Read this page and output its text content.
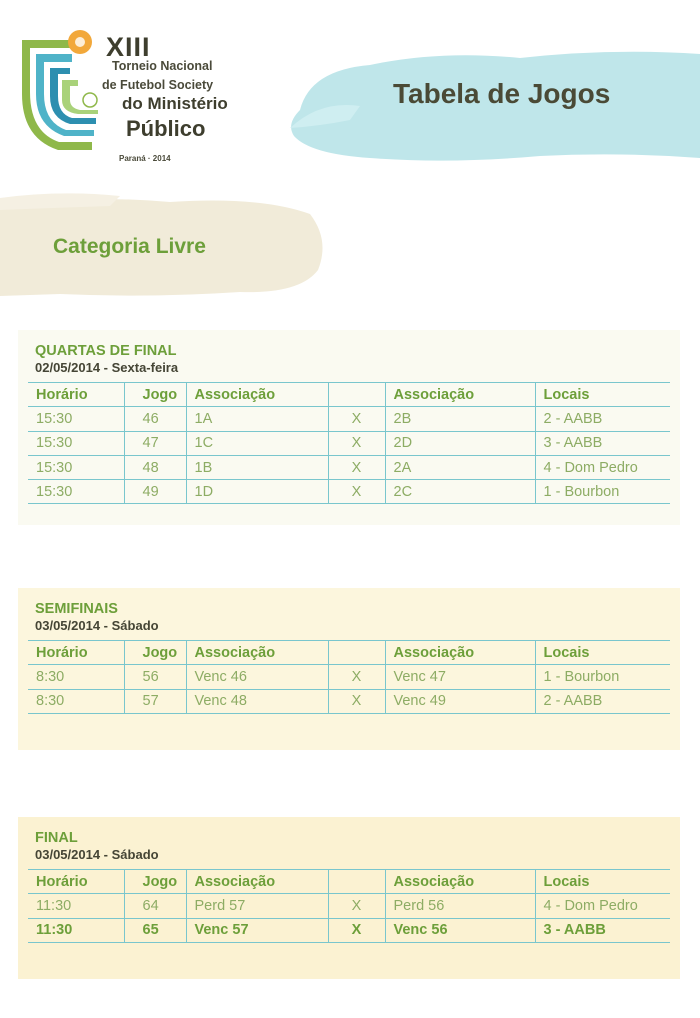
XIII
Torneio Nacional
de Futebol Society
do Ministério
Público
Paraná · 2014
Tabela de Jogos
Categoria Livre
QUARTAS DE FINAL
02/05/2014 - Sexta-feira
Horário	Jogo	Associação		Associação	Locais
15:30	46	1A	X	2B	2 - AABB
15:30	47	1C	X	2D	3 - AABB
15:30	48	1B	X	2A	4 - Dom Pedro
15:30	49	1D	X	2C	1 - Bourbon
SEMIFINAIS
03/05/2014 - Sábado
Horário	Jogo	Associação		Associação	Locais
8:30	56	Venc 46	X	Venc 47	1 - Bourbon
8:30	57	Venc 48	X	Venc 49	2 - AABB
FINAL
03/05/2014 - Sábado
Horário	Jogo	Associação		Associação	Locais
11:30	64	Perd 57	X	Perd 56	4 - Dom Pedro
11:30	65	Venc 57	X	Venc 56	3 - AABB
